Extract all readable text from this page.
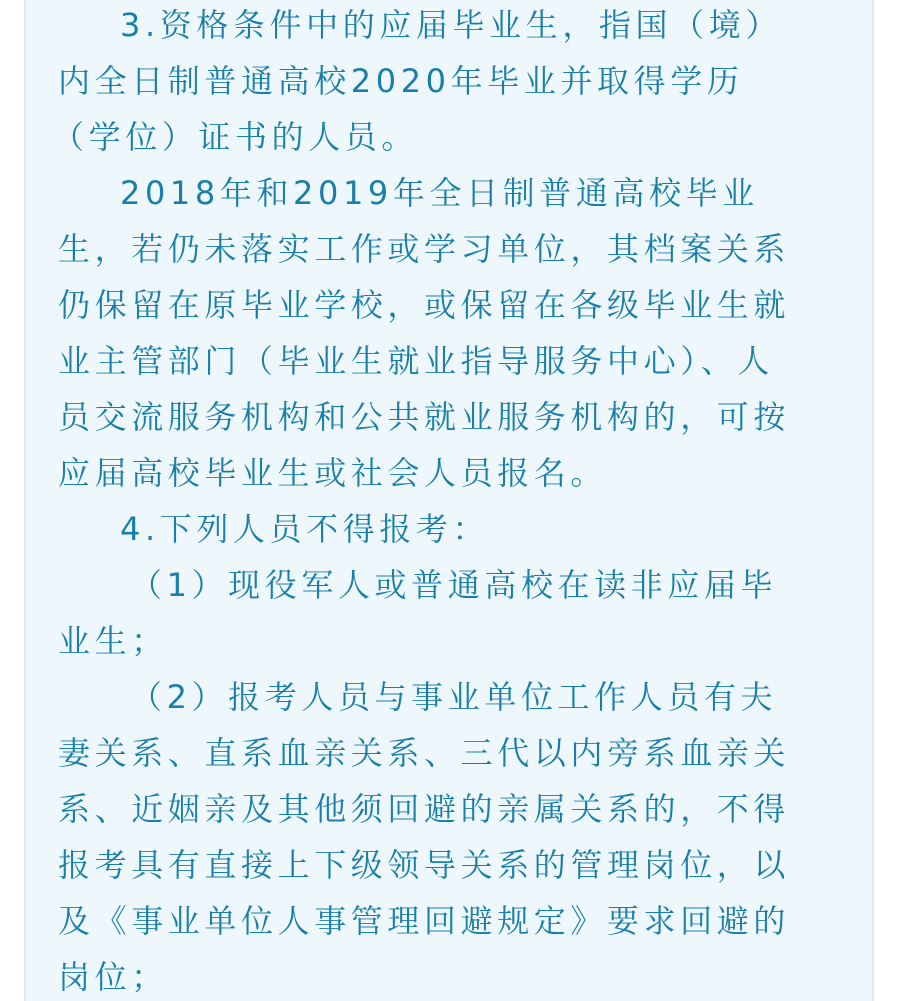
3.资格条件中的应届毕业生，指国（境）
内全日制普通高校2020年毕业并取得学历
（学位）证书的人员。
2018年和2019年全日制普通高校毕业
生，若仍未落实工作或学习单位，其档案关系
仍保留在原毕业学校，或保留在各级毕业生就
业主管部门（毕业生就业指导服务中心）、人
员交流服务机构和公共就业服务机构的，可按
应届高校毕业生或社会人员报名。
4.下列人员不得报考：
（1）现役军人或普通高校在读非应届毕
业生；
（2）报考人员与事业单位工作人员有夫
妻关系、直系血亲关系、三代以内旁系血亲关
系、近姻亲及其他须回避的亲属关系的，不得
报考具有直接上下级领导关系的管理岗位，以
及《事业单位人事管理回避规定》要求回避的
岗位；
